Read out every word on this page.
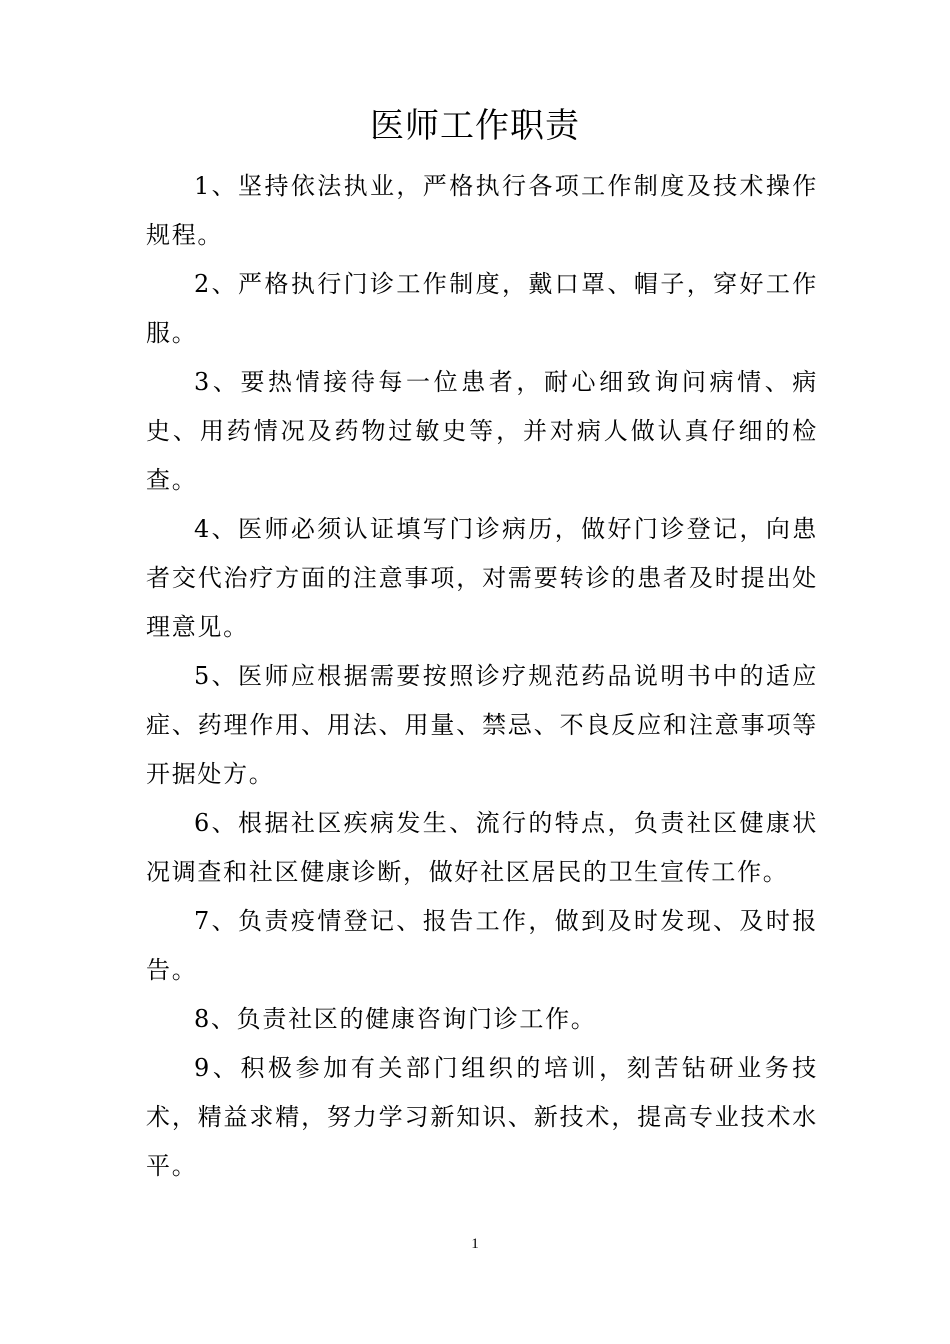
医师工作职责

1、坚持依法执业，严格执行各项工作制度及技术操作规程。

2、严格执行门诊工作制度，戴口罩、帽子，穿好工作服。

3、要热情接待每一位患者，耐心细致询问病情、病史、用药情况及药物过敏史等，并对病人做认真仔细的检查。

4、医师必须认证填写门诊病历，做好门诊登记，向患者交代治疗方面的注意事项，对需要转诊的患者及时提出处理意见。

5、医师应根据需要按照诊疗规范药品说明书中的适应症、药理作用、用法、用量、禁忌、不良反应和注意事项等开据处方。

6、根据社区疾病发生、流行的特点，负责社区健康状况调查和社区健康诊断，做好社区居民的卫生宣传工作。

7、负责疫情登记、报告工作，做到及时发现、及时报告。

8、负责社区的健康咨询门诊工作。

9、积极参加有关部门组织的培训，刻苦钻研业务技术，精益求精，努力学习新知识、新技术，提高专业技术水平。

1
